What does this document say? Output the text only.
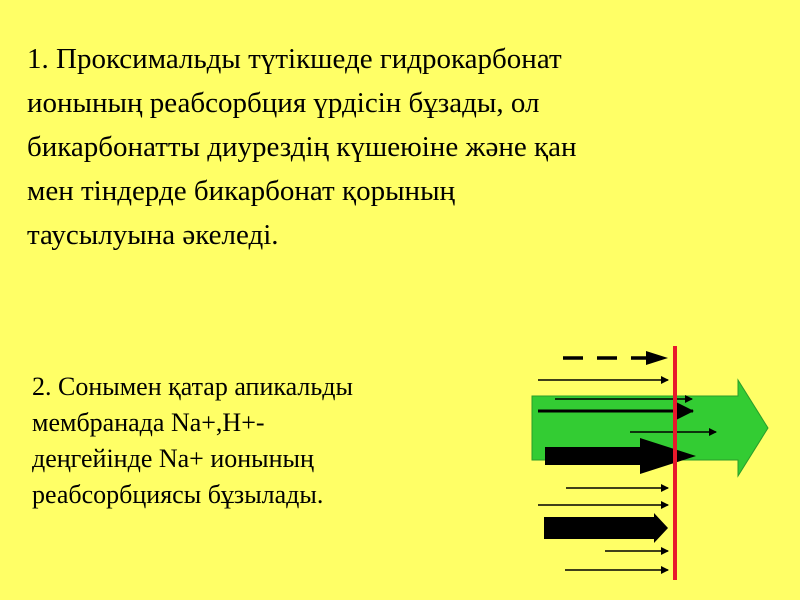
1. Проксимальды түтікшеде гидрокарбонат
ионының реабсорбция үрдісін бұзады, ол
бикарбонатты диурездің күшеюіне және қан
мен тіндерде бикарбонат қорының
таусылуына әкеледі.

2. Сонымен қатар апикальды
мембранада Na+,H+-
деңгейінде Na+ ионының
реабсорбциясы бұзылады.
